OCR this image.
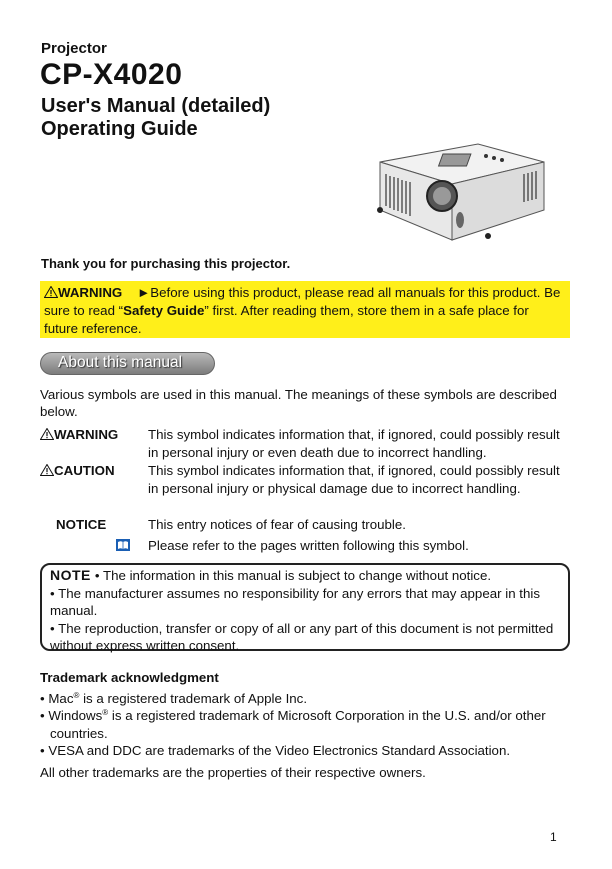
Projector
CP-X4020
User's Manual (detailed)
Operating Guide
Thank you for purchasing this projector.
WARNING ►Before using this product, please read all manuals for this product. Be sure to read “Safety Guide” first. After reading them, store them in a safe place for future reference.
About this manual
Various symbols are used in this manual. The meanings of these symbols are described below.
WARNING	This symbol indicates information that, if ignored, could possibly result in personal injury or even death due to incorrect handling.
CAUTION	This symbol indicates information that, if ignored, could possibly result in personal injury or physical damage due to incorrect handling.
NOTICE	This entry notices of fear of causing trouble.
Please refer to the pages written following this symbol.
NOTE • The information in this manual is subject to change without notice.
• The manufacturer assumes no responsibility for any errors that may appear in this manual.
• The reproduction, transfer or copy of all or any part of this document is not permitted without express written consent.
Trademark acknowledgment
• Mac® is a registered trademark of Apple Inc.
• Windows® is a registered trademark of Microsoft Corporation in the U.S. and/or other countries.
• VESA and DDC are trademarks of the Video Electronics Standard Association.
All other trademarks are the properties of their respective owners.
1
